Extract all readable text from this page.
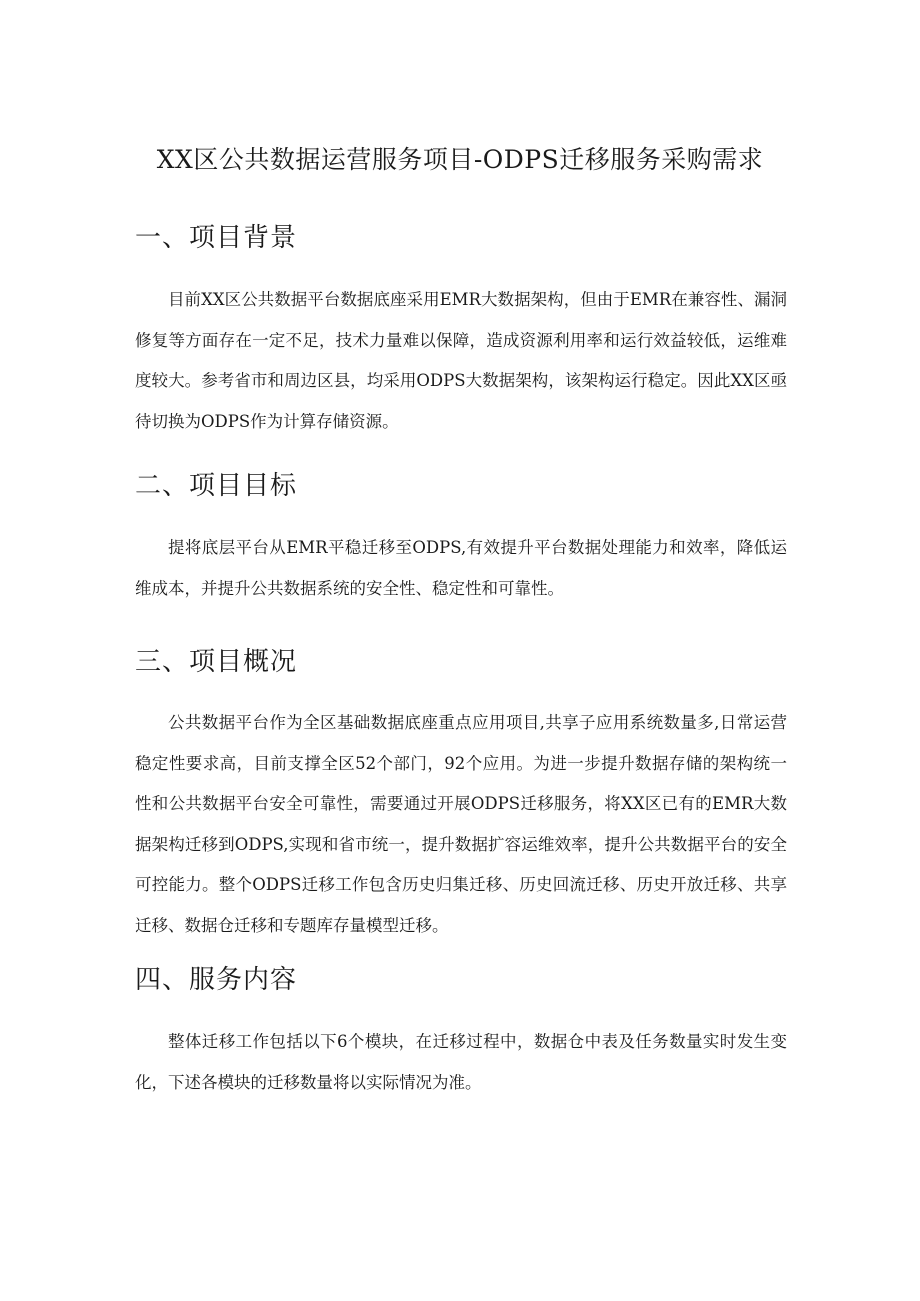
XX区公共数据运营服务项目-ODPS迁移服务采购需求
一、项目背景

目前XX区公共数据平台数据底座采用EMR大数据架构，但由于EMR在兼容性、漏洞修复等方面存在一定不足，技术力量难以保障，造成资源利用率和运行效益较低，运维难度较大。参考省市和周边区县，均采用ODPS大数据架构，该架构运行稳定。因此XX区亟待切换为ODPS作为计算存储资源。

二、项目目标

提将底层平台从EMR平稳迁移至ODPS,有效提升平台数据处理能力和效率，降低运维成本，并提升公共数据系统的安全性、稳定性和可靠性。

三、项目概况

公共数据平台作为全区基础数据底座重点应用项目,共享子应用系统数量多,日常运营稳定性要求高，目前支撑全区52个部门，92个应用。为进一步提升数据存储的架构统一性和公共数据平台安全可靠性，需要通过开展ODPS迁移服务，将XX区已有的EMR大数据架构迁移到ODPS,实现和省市统一，提升数据扩容运维效率，提升公共数据平台的安全可控能力。整个ODPS迁移工作包含历史归集迁移、历史回流迁移、历史开放迁移、共享迁移、数据仓迁移和专题库存量模型迁移。

四、服务内容

整体迁移工作包括以下6个模块，在迁移过程中，数据仓中表及任务数量实时发生变化，下述各模块的迁移数量将以实际情况为准。
